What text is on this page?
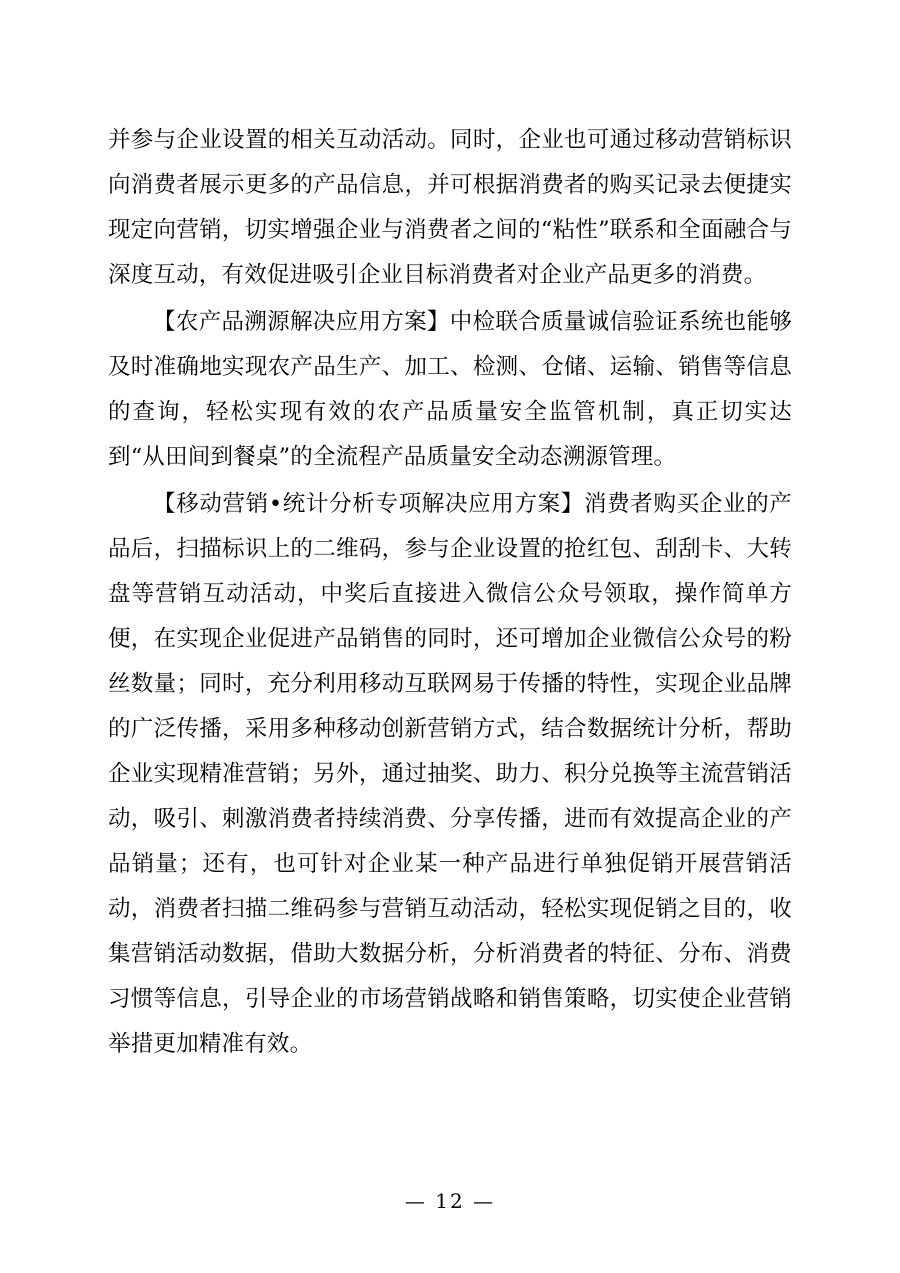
并参与企业设置的相关互动活动。同时，企业也可通过移动营销标识向消费者展示更多的产品信息，并可根据消费者的购买记录去便捷实现定向营销，切实增强企业与消费者之间的“粘性”联系和全面融合与深度互动，有效促进吸引企业目标消费者对企业产品更多的消费。

【农产品溯源解决应用方案】中检联合质量诚信验证系统也能够及时准确地实现农产品生产、加工、检测、仓储、运输、销售等信息的查询，轻松实现有效的农产品质量安全监管机制，真正切实达到“从田间到餐桌”的全流程产品质量安全动态溯源管理。

【移动营销•统计分析专项解决应用方案】消费者购买企业的产品后，扫描标识上的二维码，参与企业设置的抢红包、刮刮卡、大转盘等营销互动活动，中奖后直接进入微信公众号领取，操作简单方便，在实现企业促进产品销售的同时，还可增加企业微信公众号的粉丝数量；同时，充分利用移动互联网易于传播的特性，实现企业品牌的广泛传播，采用多种移动创新营销方式，结合数据统计分析，帮助企业实现精准营销；另外，通过抽奖、助力、积分兑换等主流营销活动，吸引、刺激消费者持续消费、分享传播，进而有效提高企业的产品销量；还有，也可针对企业某一种产品进行单独促销开展营销活动，消费者扫描二维码参与营销互动活动，轻松实现促销之目的，收集营销活动数据，借助大数据分析，分析消费者的特征、分布、消费习惯等信息，引导企业的市场营销战略和销售策略，切实使企业营销举措更加精准有效。

— 12 —
